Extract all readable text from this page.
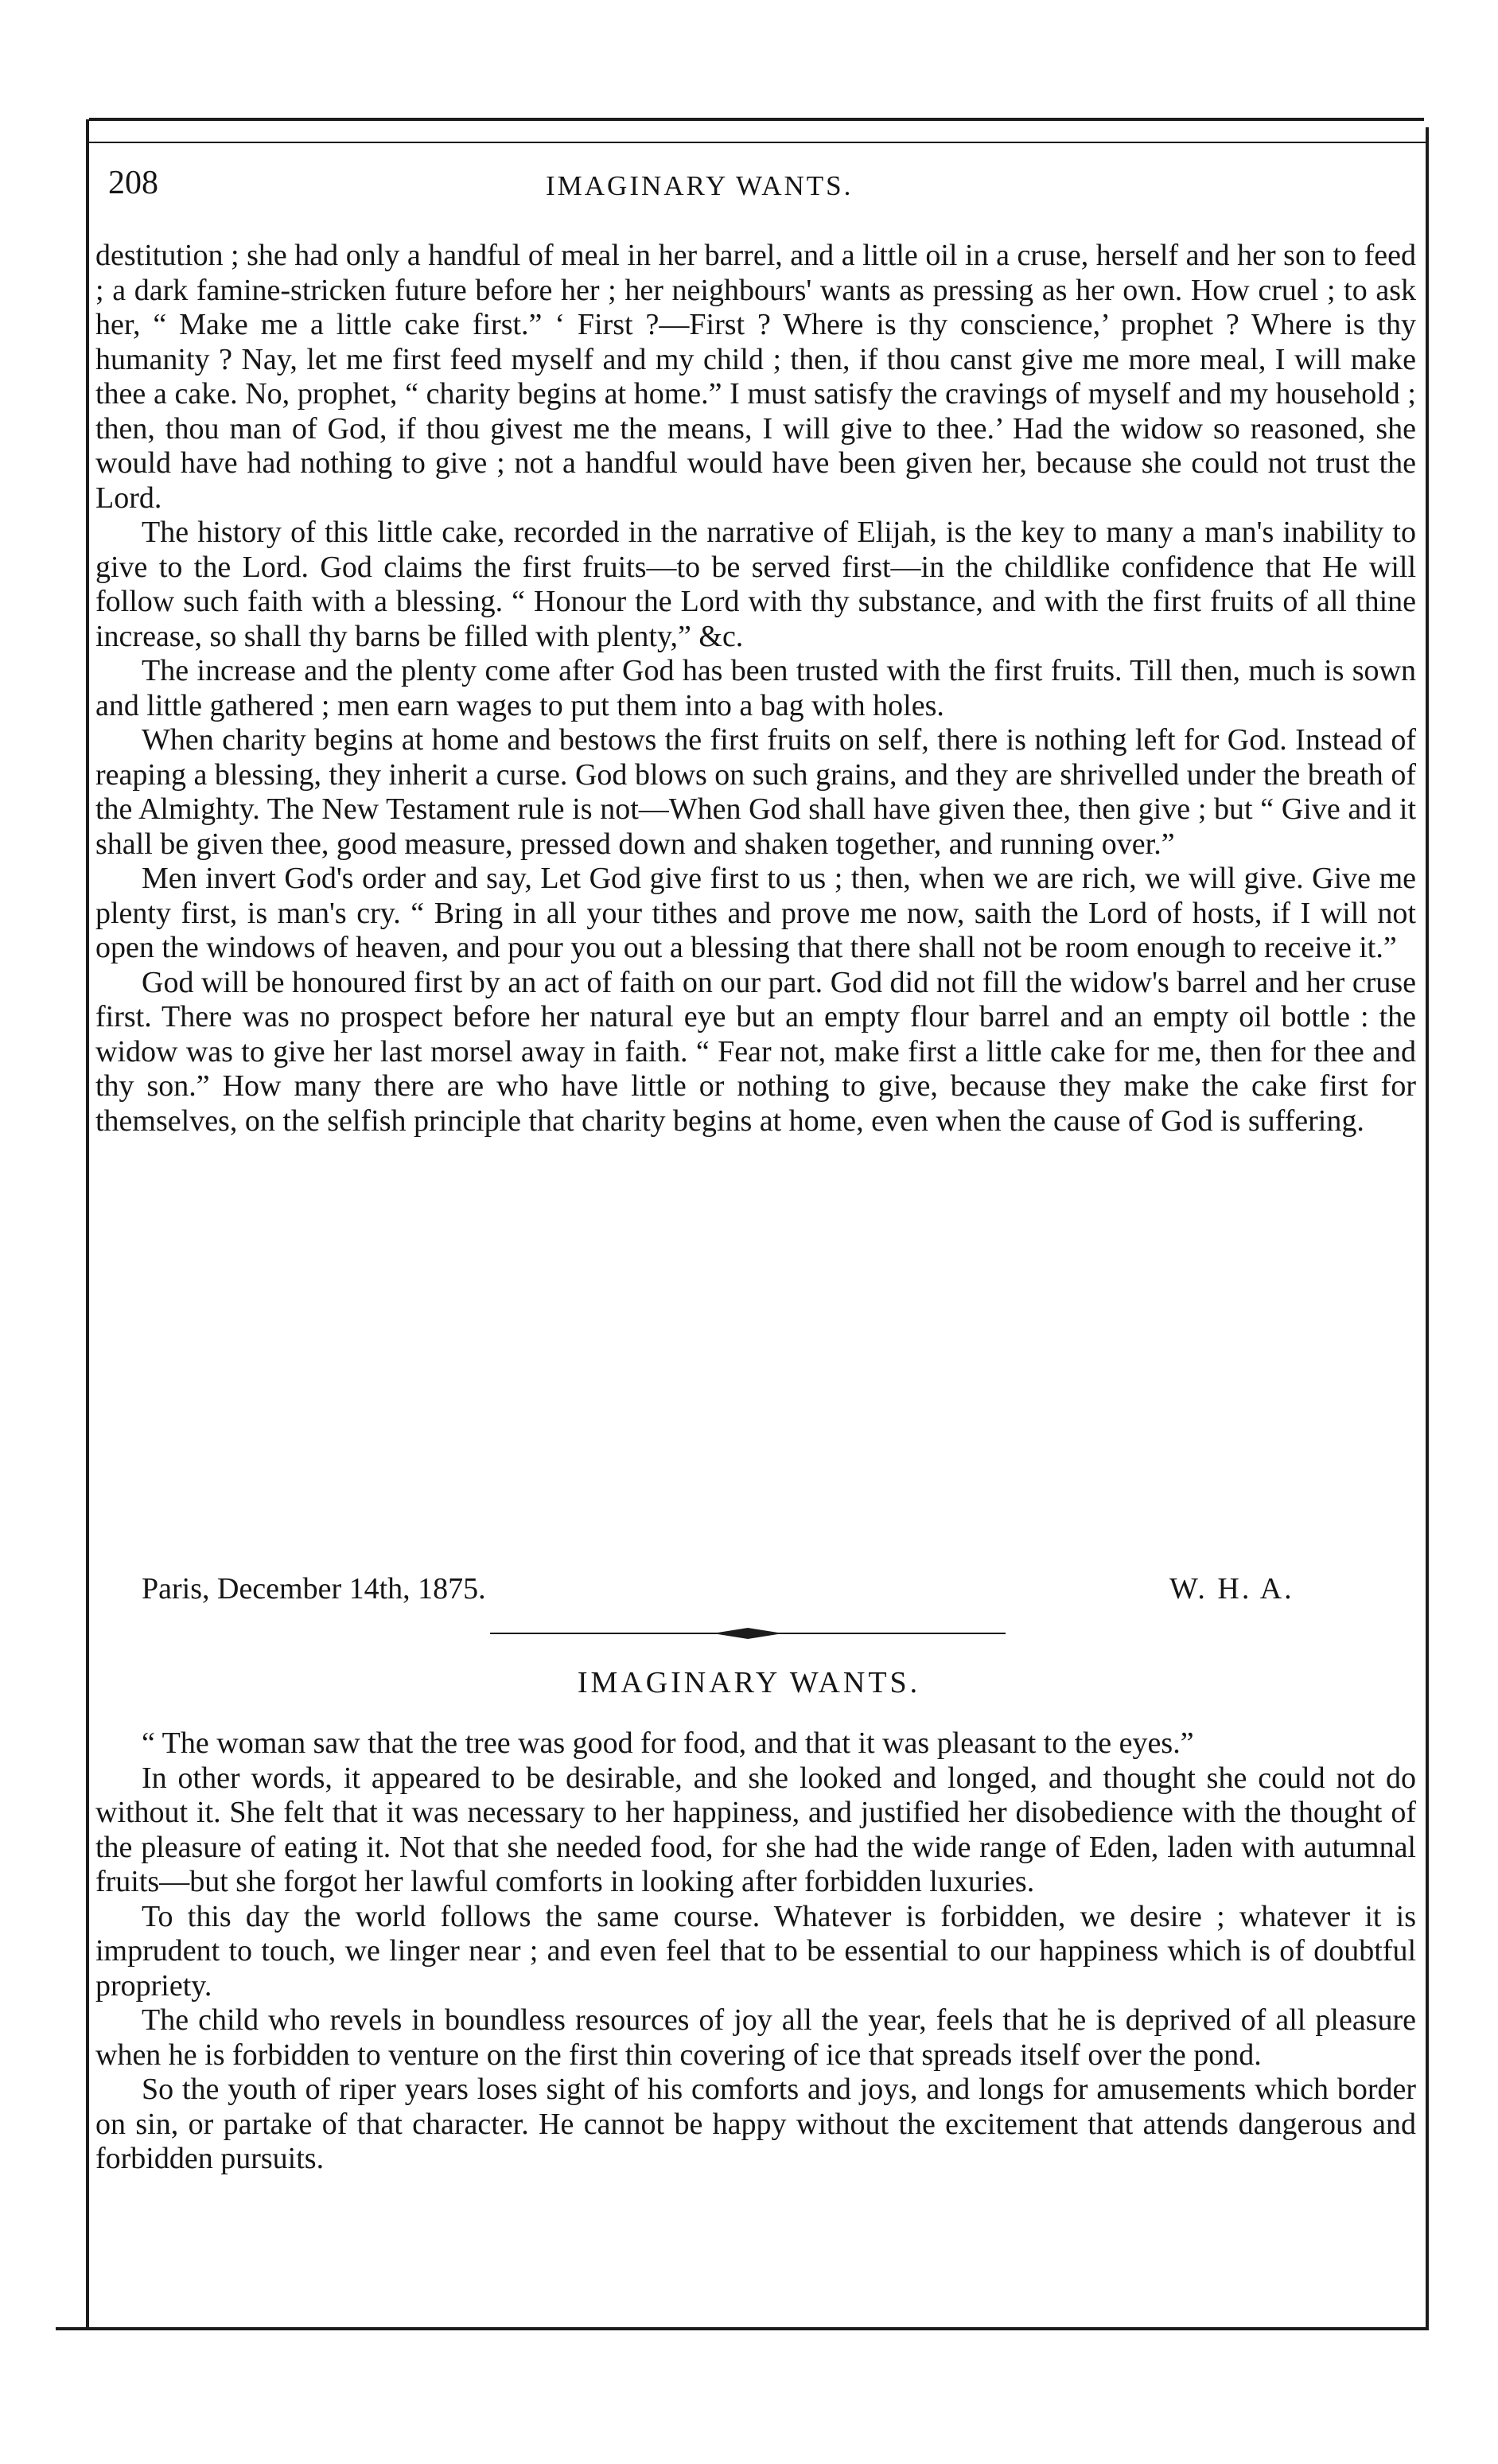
208	IMAGINARY WANTS.

destitution ; she had only a handful of meal in her barrel, and a little oil in a cruse, herself and her son to feed ; a dark famine-stricken future before her ; her neighbours' wants as pressing as her own. How cruel ; to ask her, “ Make me a little cake first.” ‘ First ?—First ? Where is thy conscience,’ prophet ? Where is thy humanity ? Nay, let me first feed myself and my child ; then, if thou canst give me more meal, I will make thee a cake. No, prophet, “ charity begins at home.” I must satisfy the cravings of myself and my household ; then, thou man of God, if thou givest me the means, I will give to thee.’ Had the widow so reasoned, she would have had nothing to give ; not a handful would have been given her, because she could not trust the Lord.

The history of this little cake, recorded in the narrative of Elijah, is the key to many a man's inability to give to the Lord. God claims the first fruits—to be served first—in the childlike confidence that He will follow such faith with a blessing. “ Honour the Lord with thy substance, and with the first fruits of all thine increase, so shall thy barns be filled with plenty,” &c.

The increase and the plenty come after God has been trusted with the first fruits. Till then, much is sown and little gathered ; men earn wages to put them into a bag with holes.

When charity begins at home and bestows the first fruits on self, there is nothing left for God. Instead of reaping a blessing, they inherit a curse. God blows on such grains, and they are shrivelled under the breath of the Almighty. The New Testament rule is not—When God shall have given thee, then give ; but “ Give and it shall be given thee, good measure, pressed down and shaken together, and running over.”

Men invert God's order and say, Let God give first to us ; then, when we are rich, we will give. Give me plenty first, is man's cry. “ Bring in all your tithes and prove me now, saith the Lord of hosts, if I will not open the windows of heaven, and pour you out a blessing that there shall not be room enough to receive it.”

God will be honoured first by an act of faith on our part. God did not fill the widow's barrel and her cruse first. There was no prospect before her natural eye but an empty flour barrel and an empty oil bottle : the widow was to give her last morsel away in faith. “ Fear not, make first a little cake for me, then for thee and thy son.” How many there are who have little or nothing to give, because they make the cake first for themselves, on the selfish principle that charity begins at home, even when the cause of God is suffering.

Paris, December 14th, 1875.	W. H. A.
IMAGINARY WANTS.

“ The woman saw that the tree was good for food, and that it was pleasant to the eyes.”

In other words, it appeared to be desirable, and she looked and longed, and thought she could not do without it. She felt that it was necessary to her happiness, and justified her disobedience with the thought of the pleasure of eating it. Not that she needed food, for she had the wide range of Eden, laden with autumnal fruits—but she forgot her lawful comforts in looking after forbidden luxuries.

To this day the world follows the same course. Whatever is forbidden, we desire ; whatever it is imprudent to touch, we linger near ; and even feel that to be essential to our happiness which is of doubtful propriety.

The child who revels in boundless resources of joy all the year, feels that he is deprived of all pleasure when he is forbidden to venture on the first thin covering of ice that spreads itself over the pond.

So the youth of riper years loses sight of his comforts and joys, and longs for amusements which border on sin, or partake of that character. He cannot be happy without the excitement that attends dangerous and forbidden pursuits.
